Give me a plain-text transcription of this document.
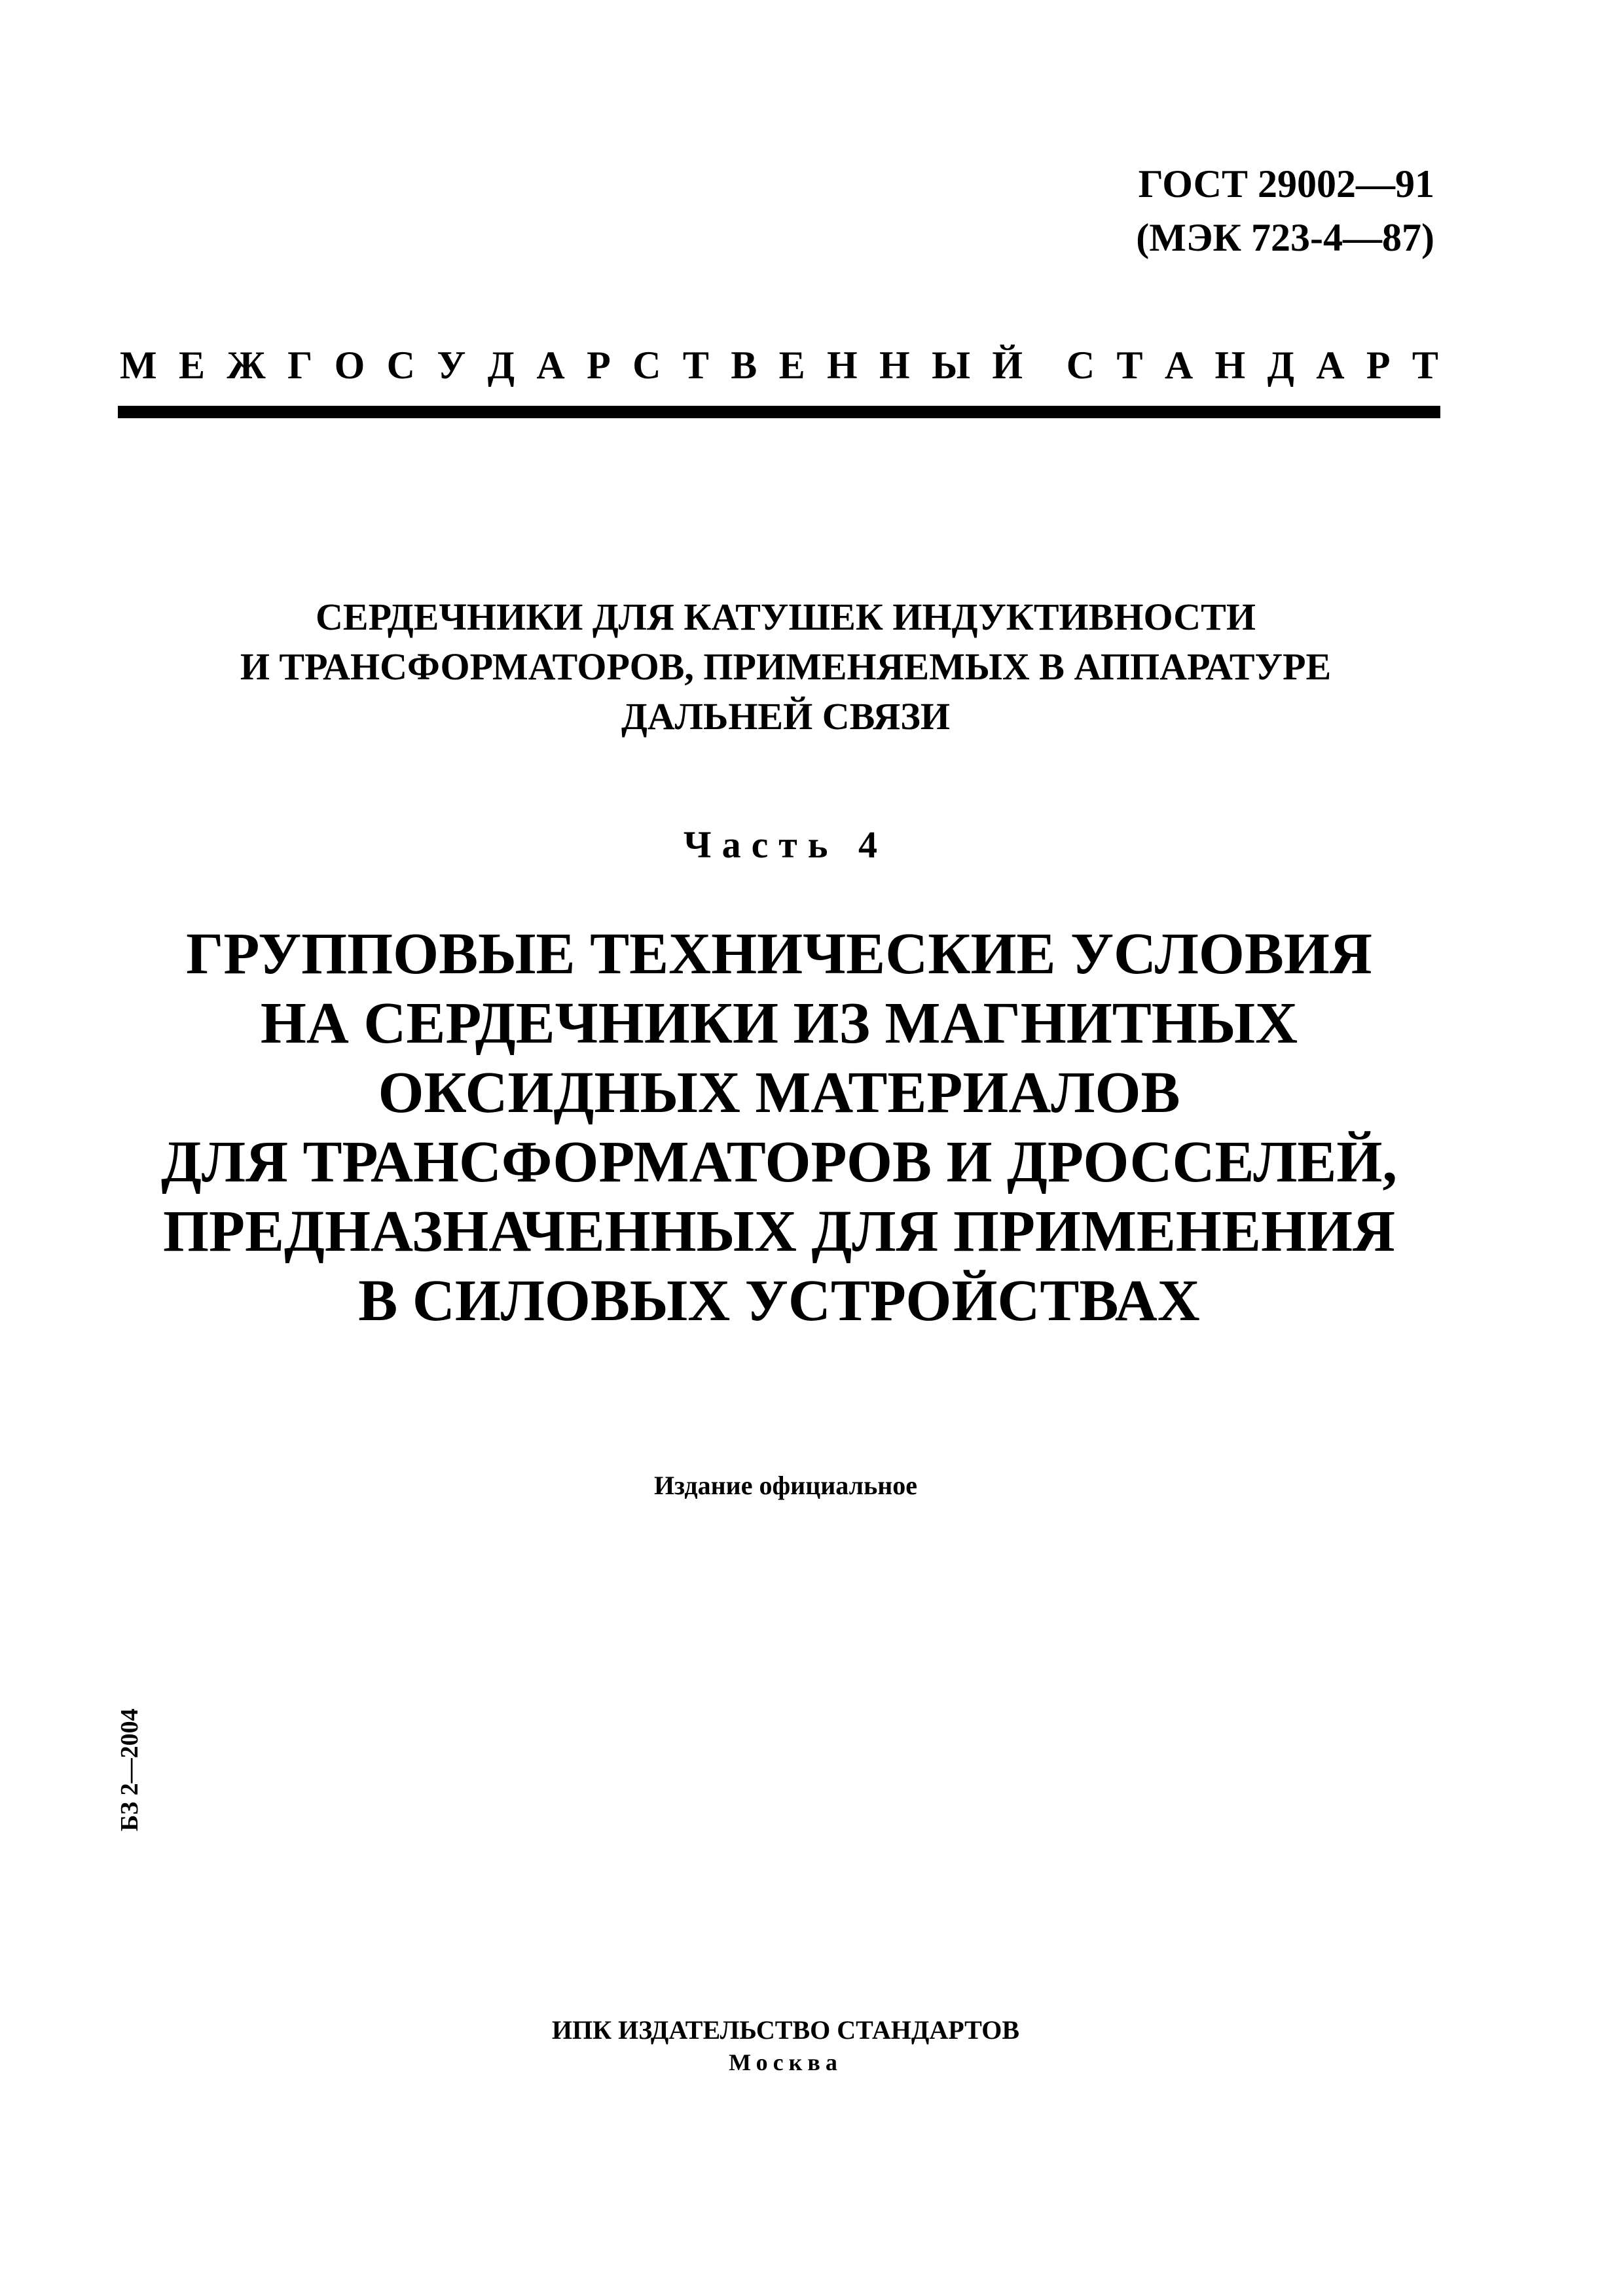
ГОСТ 29002—91
(МЭК 723-4—87)
М Е Ж Г О С У Д А Р С Т В Е Н Н Ы Й С Т А Н Д А Р Т
СЕРДЕЧНИКИ ДЛЯ КАТУШЕК ИНДУКТИВНОСТИ
И ТРАНСФОРМАТОРОВ, ПРИМЕНЯЕМЫХ В АППАРАТУРЕ
ДАЛЬНЕЙ СВЯЗИ
Часть 4
ГРУППОВЫЕ ТЕХНИЧЕСКИЕ УСЛОВИЯ
НА СЕРДЕЧНИКИ ИЗ МАГНИТНЫХ
ОКСИДНЫХ МАТЕРИАЛОВ
ДЛЯ ТРАНСФОРМАТОРОВ И ДРОССЕЛЕЙ,
ПРЕДНАЗНАЧЕННЫХ ДЛЯ ПРИМЕНЕНИЯ
В СИЛОВЫХ УСТРОЙСТВАХ
Издание официальное
БЗ 2—2004
ИПК ИЗДАТЕЛЬСТВО СТАНДАРТОВ
Москва
